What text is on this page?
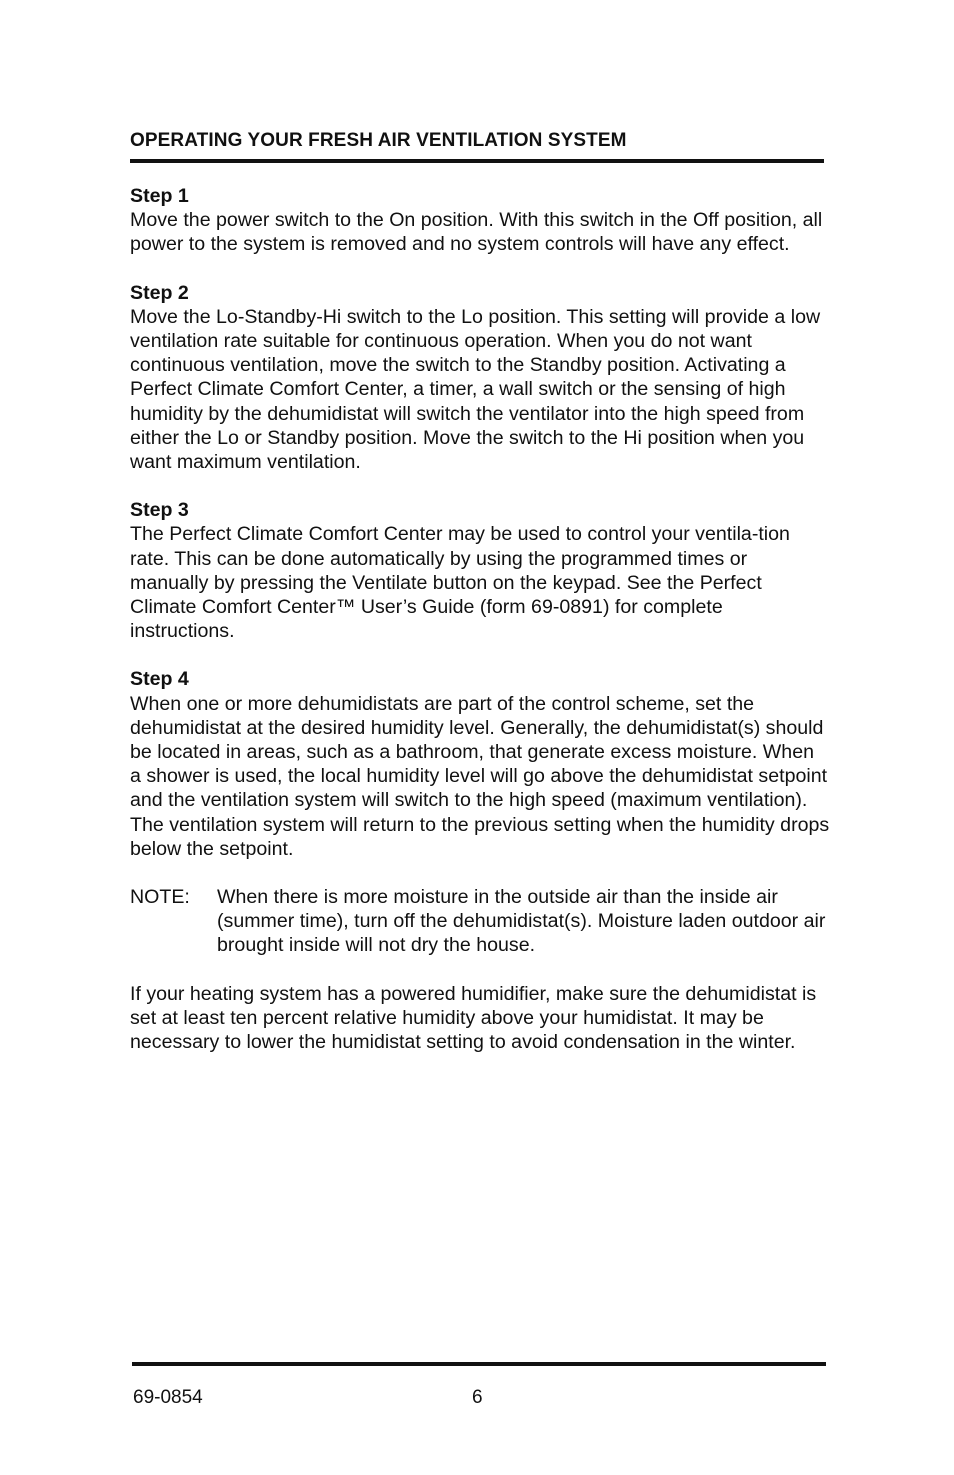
OPERATING YOUR FRESH AIR VENTILATION SYSTEM
Step 1

Move the power switch to the On position. With this switch in the Off position, all power to the system is removed and no system controls will have any effect.

Step 2

Move the Lo-Standby-Hi switch to the Lo position. This setting will provide a low ventilation rate suitable for continuous operation. When you do not want continuous ventilation, move the switch to the Standby position. Activating a Perfect Climate Comfort Center, a timer, a wall switch or the sensing of high humidity by the dehumidistat will switch the ventilator into the high speed from either the Lo or Standby position. Move the switch to the Hi position when you want maximum ventilation.

Step 3

The Perfect Climate Comfort Center may be used to control your ventila-tion rate. This can be done automatically by using the programmed times or manually by pressing the Ventilate button on the keypad. See the Perfect Climate Comfort Center™ User’s Guide (form 69-0891) for complete instructions.

Step 4

When one or more dehumidistats are part of the control scheme, set the dehumidistat at the desired humidity level. Generally, the dehumidistat(s) should be located in areas, such as a bathroom, that generate excess moisture. When a shower is used, the local humidity level will go above the dehumidistat setpoint and the ventilation system will switch to the high speed (maximum ventilation). The ventilation system will return to the previous setting when the humidity drops below the setpoint.

NOTE:	When there is more moisture in the outside air than the inside air (summer time), turn off the dehumidistat(s). Moisture laden outdoor air brought inside will not dry the house.

If your heating system has a powered humidifier, make sure the dehumidistat is set at least ten percent relative humidity above your humidistat. It may be necessary to lower the humidistat setting to avoid condensation in the winter.

69-0854	6
